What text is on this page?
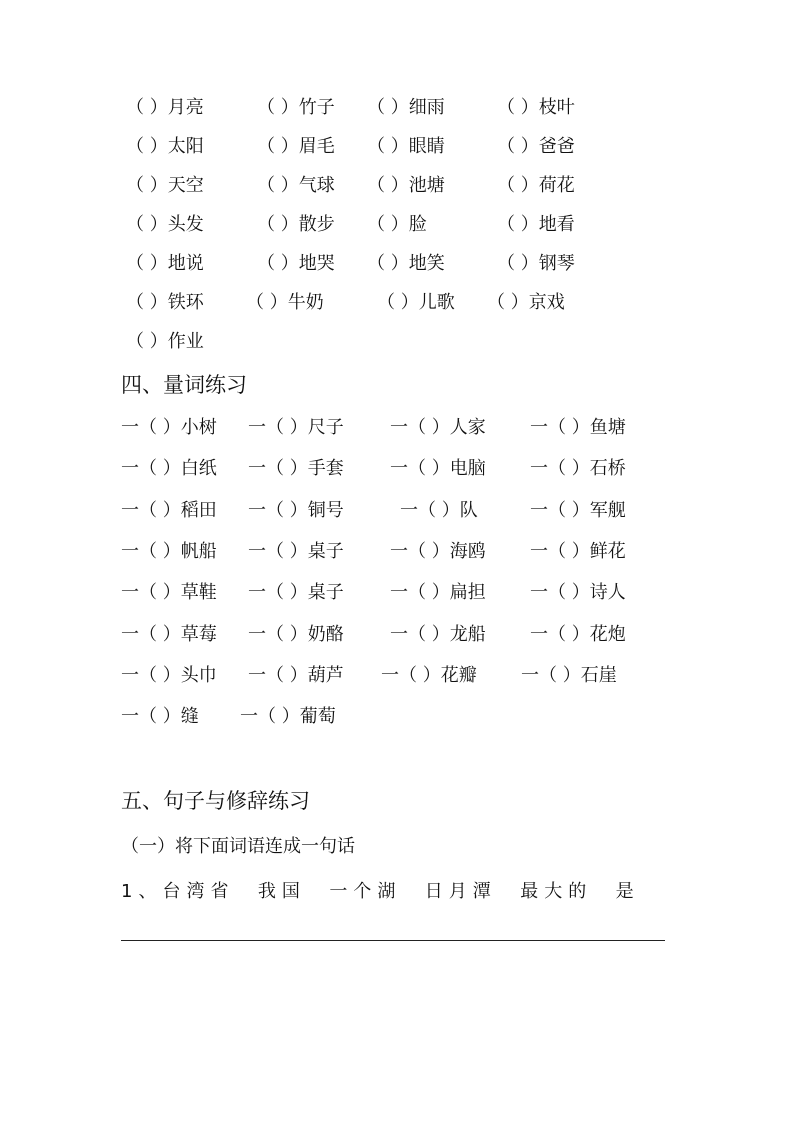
（ ）月亮	（ ）竹子 （ ）细雨	（ ）枝叶
（ ）太阳	（ ）眉毛 （ ）眼睛	（ ）爸爸
（ ）天空	（ ）气球 （ ）池塘	（ ）荷花
（ ）头发	（ ）散步 （ ）脸	（ ）地看
（ ）地说	（ ）地哭 （ ）地笑	（ ）钢琴
（ ）铁环 （ ）牛奶	（ ）儿歌 （ ）京戏
（ ）作业
四、量词练习
一（ ）小树 一（ ）尺子	一（ ）人家 一（ ）鱼塘
一（ ）白纸 一（ ）手套	一（ ）电脑 一（ ）石桥
一（ ）稻田 一（ ）铜号	一（ ）队	一（ ）军舰
一（ ）帆船 一（ ）桌子	一（ ）海鸥 一（ ）鲜花
一（ ）草鞋 一（ ）桌子	一（ ）扁担 一（ ）诗人
一（ ）草莓 一（ ）奶酪	一（ ）龙船 一（ ）花炮
一（ ）头巾 一（ ）葫芦 一（ ）花瓣 一（ ）石崖
一（ ）缝 一（ ）葡萄
五、句子与修辞练习
（一）将下面词语连成一句话
1、台湾省  我国  一个湖  日月潭  最大的  是
